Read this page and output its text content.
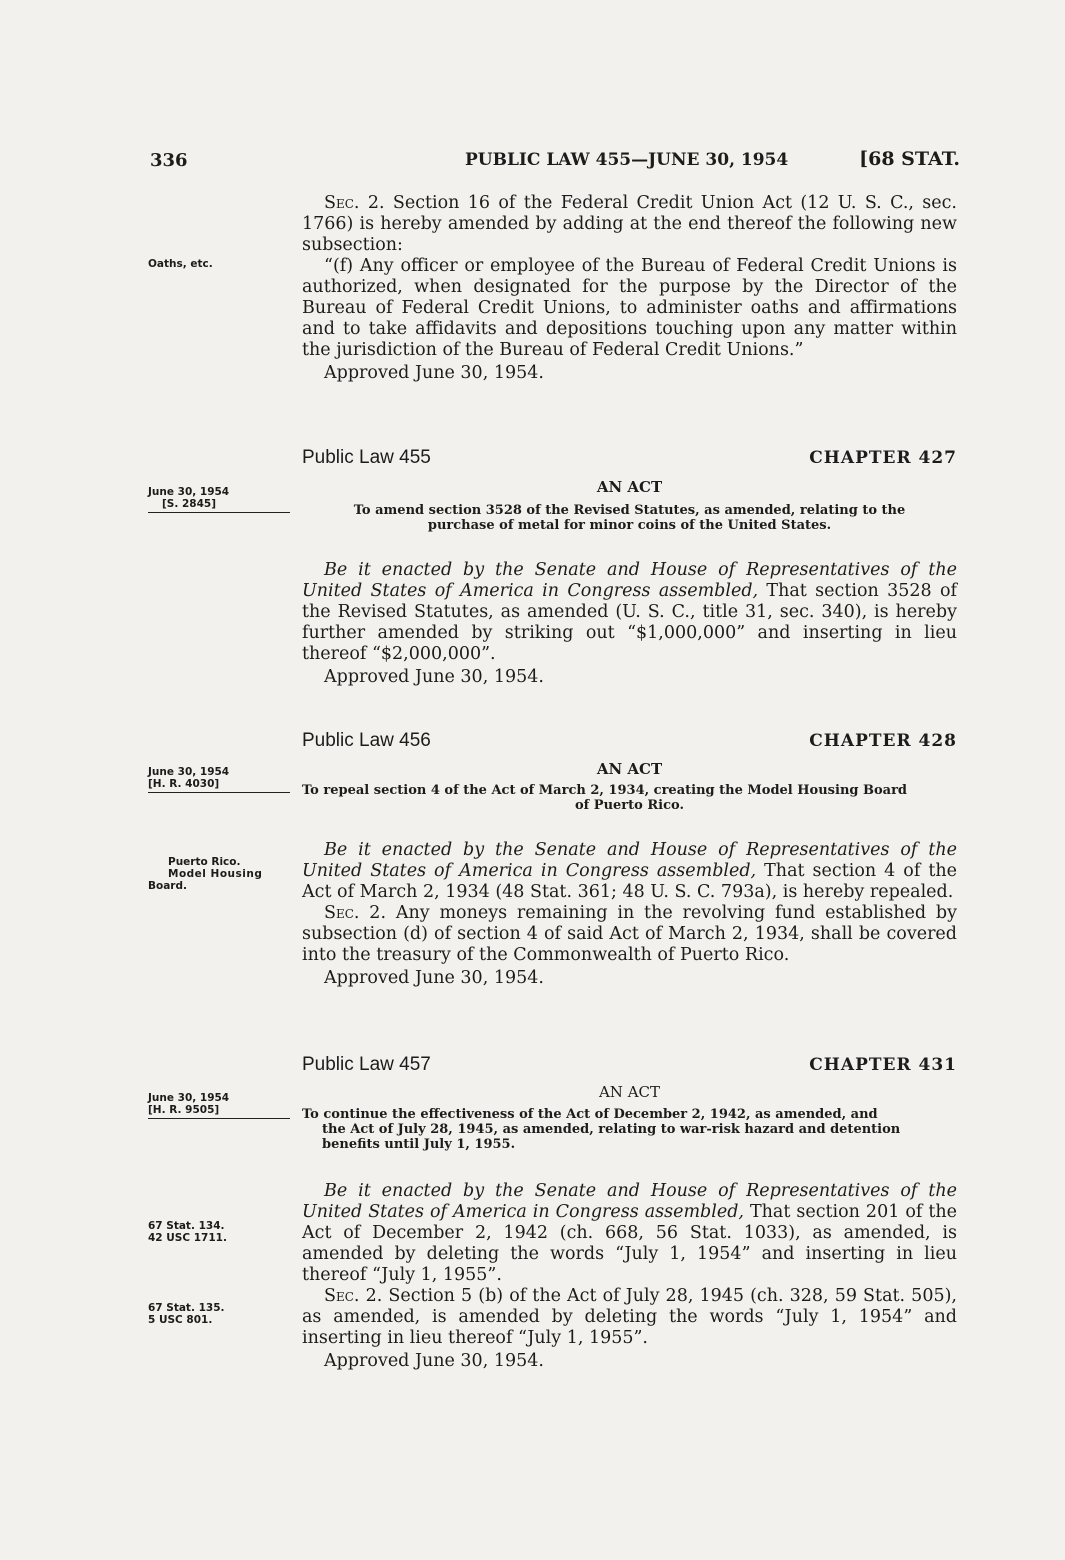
336	PUBLIC LAW 455—JUNE 30, 1954	[68 STAT.
Oaths, etc.
June 30, 1954
[S. 2845]
June 30, 1954
[H. R. 4030]
Puerto Rico.
Model Housing
Board.
June 30, 1954
[H. R. 9505]
67 Stat. 134.
42 USC 1711.
67 Stat. 135.
5 USC 801.

Sec. 2. Section 16 of the Federal Credit Union Act (12 U. S. C., sec. 1766) is hereby amended by adding at the end thereof the following new subsection:

“(f) Any officer or employee of the Bureau of Federal Credit Unions is authorized, when designated for the purpose by the Director of the Bureau of Federal Credit Unions, to administer oaths and affirmations and to take affidavits and depositions touching upon any matter within the jurisdiction of the Bureau of Federal Credit Unions.”

Approved June 30, 1954.

Public Law 455	CHAPTER 427
AN ACT
To amend section 3528 of the Revised Statutes, as amended, relating to the
purchase of metal for minor coins of the United States.

Be it enacted by the Senate and House of Representatives of the United States of America in Congress assembled, That section 3528 of the Revised Statutes, as amended (U. S. C., title 31, sec. 340), is hereby further amended by striking out “$1,000,000” and inserting in lieu thereof “$2,000,000”.

Approved June 30, 1954.

Public Law 456	CHAPTER 428
AN ACT
To repeal section 4 of the Act of March 2, 1934, creating the Model Housing Board
of Puerto Rico.

Be it enacted by the Senate and House of Representatives of the United States of America in Congress assembled, That section 4 of the Act of March 2, 1934 (48 Stat. 361; 48 U. S. C. 793a), is hereby repealed.

Sec. 2. Any moneys remaining in the revolving fund established by subsection (d) of section 4 of said Act of March 2, 1934, shall be covered into the treasury of the Commonwealth of Puerto Rico.

Approved June 30, 1954.

Public Law 457	CHAPTER 431
AN ACT
To continue the effectiveness of the Act of December 2, 1942, as amended, and
the Act of July 28, 1945, as amended, relating to war-risk hazard and detention
benefits until July 1, 1955.

Be it enacted by the Senate and House of Representatives of the United States of America in Congress assembled, That section 201 of the Act of December 2, 1942 (ch. 668, 56 Stat. 1033), as amended, is amended by deleting the words “July 1, 1954” and inserting in lieu thereof “July 1, 1955”.

Sec. 2. Section 5 (b) of the Act of July 28, 1945 (ch. 328, 59 Stat. 505), as amended, is amended by deleting the words “July 1, 1954” and inserting in lieu thereof “July 1, 1955”.

Approved June 30, 1954.
